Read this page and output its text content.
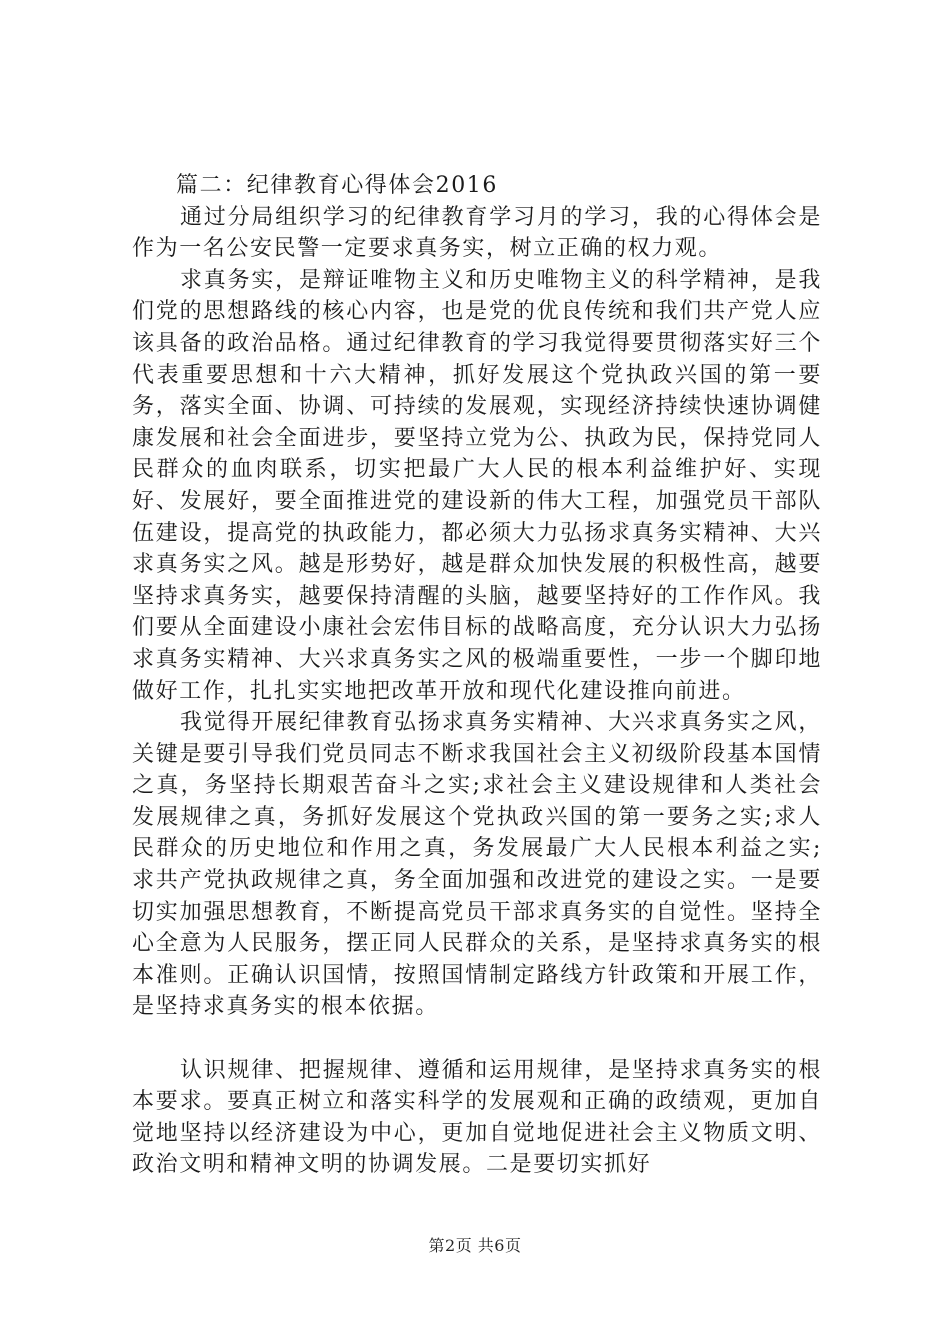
篇二：纪律教育心得体会2016

通过分局组织学习的纪律教育学习月的学习，我的心得体会是作为一名公安民警一定要求真务实，树立正确的权力观。

求真务实，是辩证唯物主义和历史唯物主义的科学精神，是我们党的思想路线的核心内容，也是党的优良传统和我们共产党人应该具备的政治品格。通过纪律教育的学习我觉得要贯彻落实好三个代表重要思想和十六大精神，抓好发展这个党执政兴国的第一要务，落实全面、协调、可持续的发展观，实现经济持续快速协调健康发展和社会全面进步，要坚持立党为公、执政为民，保持党同人民群众的血肉联系，切实把最广大人民的根本利益维护好、实现好、发展好，要全面推进党的建设新的伟大工程，加强党员干部队伍建设，提高党的执政能力，都必须大力弘扬求真务实精神、大兴求真务实之风。越是形势好，越是群众加快发展的积极性高，越要坚持求真务实，越要保持清醒的头脑，越要坚持好的工作作风。我们要从全面建设小康社会宏伟目标的战略高度，充分认识大力弘扬求真务实精神、大兴求真务实之风的极端重要性，一步一个脚印地做好工作，扎扎实实地把改革开放和现代化建设推向前进。

我觉得开展纪律教育弘扬求真务实精神、大兴求真务实之风，关键是要引导我们党员同志不断求我国社会主义初级阶段基本国情之真，务坚持长期艰苦奋斗之实;求社会主义建设规律和人类社会发展规律之真，务抓好发展这个党执政兴国的第一要务之实;求人民群众的历史地位和作用之真，务发展最广大人民根本利益之实;求共产党执政规律之真，务全面加强和改进党的建设之实。一是要切实加强思想教育，不断提高党员干部求真务实的自觉性。坚持全心全意为人民服务，摆正同人民群众的关系，是坚持求真务实的根本准则。正确认识国情，按照国情制定路线方针政策和开展工作，是坚持求真务实的根本依据。

认识规律、把握规律、遵循和运用规律，是坚持求真务实的根本要求。要真正树立和落实科学的发展观和正确的政绩观，更加自觉地坚持以经济建设为中心，更加自觉地促进社会主义物质文明、政治文明和精神文明的协调发展。二是要切实抓好

第2页 共6页
